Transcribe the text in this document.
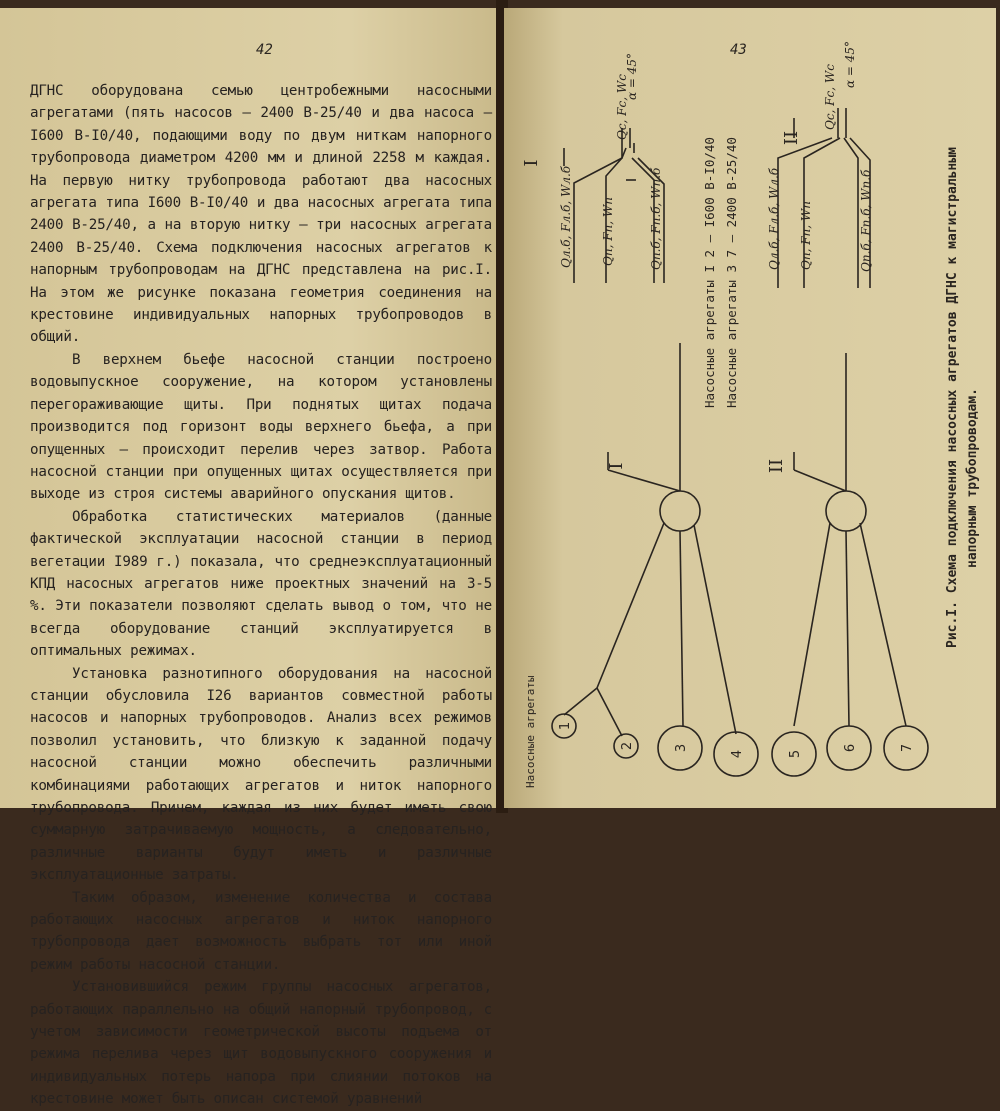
42

ДГНС оборудована семью центробежными насосными агрегатами (пять насосов – 2400 В-25/40 и два насоса – I600 В-I0/40, подающими воду по двум ниткам напорного трубопровода диаметром 4200 мм и длиной 2258 м каждая. На первую нитку трубопровода работают два насосных агрегата типа I600 В-I0/40 и два насосных агрегата типа 2400 В-25/40, а на вторую нитку – три насосных агрегата 2400 В-25/40. Схема подключения насосных агрегатов к напорным трубопроводам на ДГНС представлена на рис.I. На этом же рисунке показана геометрия соединения на крестовине индивидуальных напорных трубопроводов в общий.

В верхнем бьефе насосной станции построено водовыпускное сооружение, на котором установлены перегораживающие щиты. При поднятых щитах подача производится под горизонт воды верхнего бьефа, а при опущенных – происходит перелив через затвор. Работа насосной станции при опущенных щитах осуществляется при выходе из строя системы аварийного опускания щитов.

Обработка статистических материалов (данные фактической эксплуатации насосной станции в период вегетации I989 г.) показала, что среднеэксплуатационный КПД насосных агрегатов ниже проектных значений на 3-5 %. Эти показатели позволяют сделать вывод о том, что не всегда оборудование станций эксплуатируется в оптимальных режимах.

Установка разнотипного оборудования на насосной станции обусловила I26 вариантов совместной работы насосов и напорных трубопроводов. Анализ всех режимов позволил установить, что близкую к заданной подачу насосной станции можно обеспечить различными комбинациями работающих агрегатов и ниток напорного трубопровода. Причем, каждая из них будет иметь свою суммарную затрачиваемую мощность, а следовательно, различные варианты будут иметь и различные эксплуатационные затраты.

Таким образом, изменение количества и состава работающих насосных агрегатов и ниток напорного трубопровода дает возможность выбрать тот или иной режим работы насосной станции.

Установившийся режим группы насосных агрегатов, работающих параллельно на общий напорный трубопровод, с учетом зависимости геометрической высоты подъема от режима перелива через щит водовыпускного сооружения и индивидуальных потерь напора при слиянии потоков на крестовине может быть описан системой уравнений

43
1
2	3
4	5
6	7
I	II
I
II
Qл.б, Fл.б, Wл.б Qп, Fп, Wп	Qп.б, Fп.б, Wп.б
Qс, Fс, Wс
α = 45°
Qл.б, Fл.б, Wл.б Qп, Fп, Wп	Qп.б, Fп.б, Wп.б
Qс, Fс, Wс α = 45°
Насосные агрегаты I 2 – I600 В-I0/40 Насосные агрегаты 3 7 – 2400 В-25/40
Насосные агрегаты
Рис.I. Схема подключения насосных агрегатов ДГНС к магистральным напорным трубопроводам.
